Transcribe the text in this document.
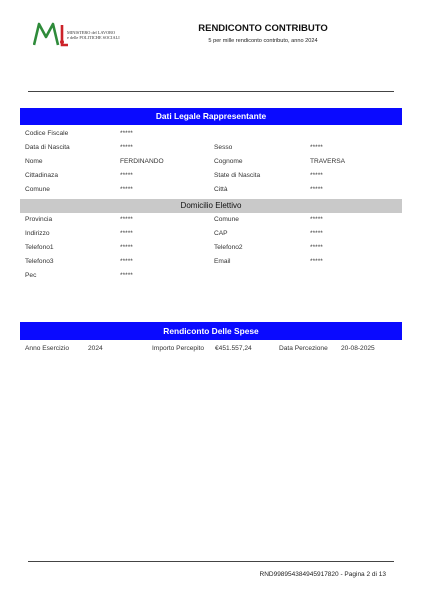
MINISTERO del LAVORO
e delle POLITICHE SOCIALI
RENDICONTO CONTRIBUTO
5 per mille rendiconto contributo, anno 2024
Dati Legale Rappresentante
Codice Fiscale	*****
Data di Nascita	*****	Sesso	*****
Nome	FERDINANDO	Cognome	TRAVERSA
Cittadinaza	*****	State di Nascita	*****
Comune	*****	Città	*****
Domicilio Elettivo
Provincia	*****	Comune	*****
Indirizzo	*****	CAP	*****
Telefono1	*****	Telefono2	*****
Telefono3	*****	Email	*****
Pec	*****
Rendiconto Delle Spese
Anno Esercizio	2024	Importo Percepito €451.557,24	Data Percezione 20-08-2025
RND998954384945917820 - Pagina 2 di 13
